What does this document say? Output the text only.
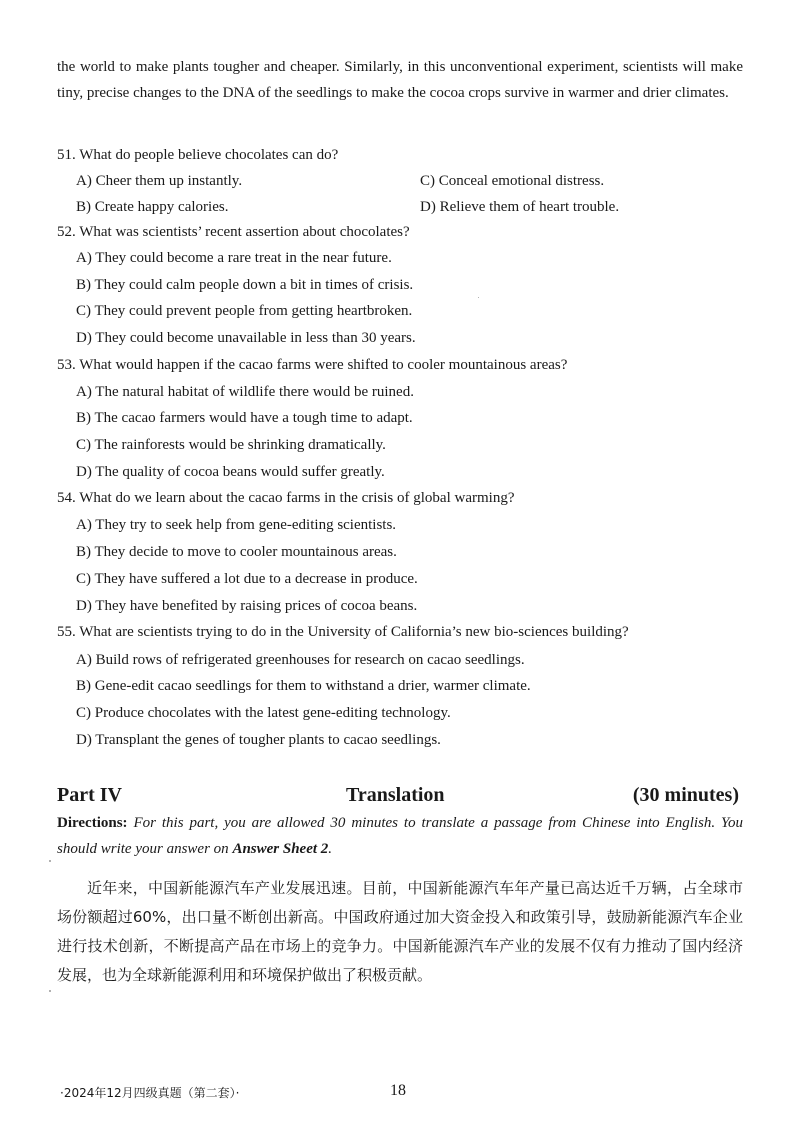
the world to make plants tougher and cheaper. Similarly, in this unconventional experiment, scientists will make tiny, precise changes to the DNA of the seedlings to make the cocoa crops survive in warmer and drier climates.
51. What do people believe chocolates can do?
A) Cheer them up instantly.
B) Create happy calories.
C) Conceal emotional distress.
D) Relieve them of heart trouble.
52. What was scientists’ recent assertion about chocolates?
A) They could become a rare treat in the near future.
B) They could calm people down a bit in times of crisis.
C) They could prevent people from getting heartbroken.
D) They could become unavailable in less than 30 years.
53. What would happen if the cacao farms were shifted to cooler mountainous areas?
A) The natural habitat of wildlife there would be ruined.
B) The cacao farmers would have a tough time to adapt.
C) The rainforests would be shrinking dramatically.
D) The quality of cocoa beans would suffer greatly.
54. What do we learn about the cacao farms in the crisis of global warming?
A) They try to seek help from gene-editing scientists.
B) They decide to move to cooler mountainous areas.
C) They have suffered a lot due to a decrease in produce.
D) They have benefited by raising prices of cocoa beans.
55. What are scientists trying to do in the University of California’s new bio-sciences building?
A) Build rows of refrigerated greenhouses for research on cacao seedlings.
B) Gene-edit cacao seedlings for them to withstand a drier, warmer climate.
C) Produce chocolates with the latest gene-editing technology.
D) Transplant the genes of tougher plants to cacao seedlings.
Part IV	Translation	(30 minutes)
Directions: For this part, you are allowed 30 minutes to translate a passage from Chinese into English. You should write your answer on Answer Sheet 2.
近年来，中国新能源汽车产业发展迅速。目前，中国新能源汽车年产量已高达近千万辆，占全球市场份额超过60%，出口量不断创出新高。中国政府通过加大资金投入和政策引导，鼓励新能源汽车企业进行技术创新，不断提高产品在市场上的竞争力。中国新能源汽车产业的发展不仅有力推动了国内经济发展，也为全球新能源利用和环境保护做出了积极贡献。
·2024年12月四级真题（第二套）·	18
